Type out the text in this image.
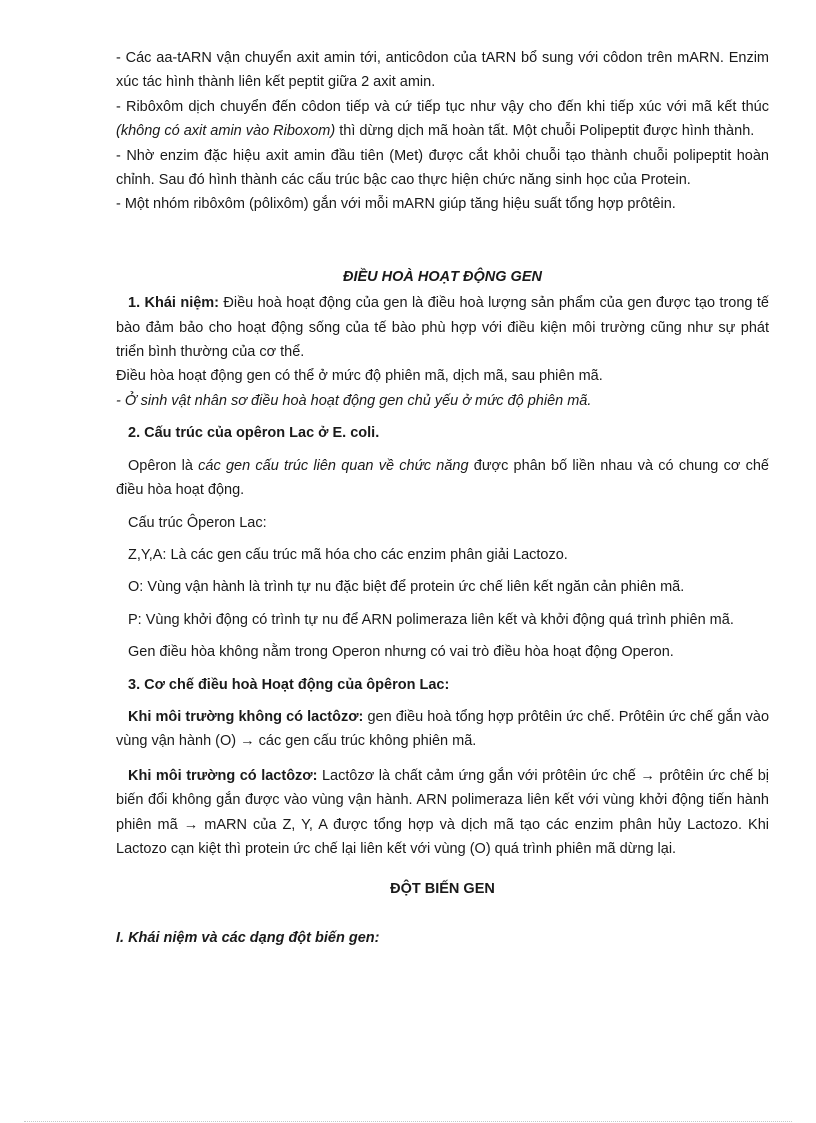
- Các aa-tARN vận chuyển axit amin tới, anticôdon của tARN bổ sung với côdon trên mARN. Enzim xúc tác hình thành liên kết peptit giữa 2 axit amin.

- Ribôxôm dịch chuyển đến côdon tiếp và cứ tiếp tục như vậy cho đến khi tiếp xúc với mã kết thúc (không có axit amin vào Riboxom) thì dừng dịch mã hoàn tất. Một chuỗi Polipeptit được hình thành.

- Nhờ enzim đặc hiệu axit amin đầu tiên (Met) được cắt khỏi chuỗi tạo thành chuỗi polipeptit hoàn chỉnh. Sau đó hình thành các cấu trúc bậc cao thực hiện chức năng sinh học của Protein.

- Một nhóm ribôxôm (pôlixôm) gắn với mỗi mARN giúp tăng hiệu suất tổng hợp prôtêin.

ĐIỀU HOÀ HOẠT ĐỘNG GEN

1. Khái niệm: Điều hoà hoạt động của gen là điều hoà lượng sản phẩm của gen được tạo trong tế bào đảm bảo cho hoạt động sống của tế bào phù hợp với điều kiện môi trường cũng như sự phát triển bình thường của cơ thể.

Điều hòa hoạt động gen có thể ở mức độ phiên mã, dịch mã, sau phiên mã.

- Ở sinh vật nhân sơ điều hoà hoạt động gen chủ yếu ở mức độ phiên mã.

2. Cấu trúc của opêron Lac ở E. coli.

Opêron là các gen cấu trúc liên quan về chức năng được phân bố liền nhau và có chung cơ chế điều hòa hoạt động.

Cấu trúc Ôperon Lac:

Z,Y,A: Là các gen cấu trúc mã hóa cho các enzim phân giải Lactozo.

O: Vùng vận hành là trình tự nu đặc biệt để protein ức chế liên kết ngăn cản phiên mã.

P: Vùng khởi động có trình tự nu để ARN polimeraza liên kết và khởi động quá trình phiên mã.

Gen điều hòa không nằm trong Operon nhưng có vai trò điều hòa hoạt động Operon.

3. Cơ chế điều hoà Hoạt động của ôpêron Lac:

Khi môi trường không có lactôzơ: gen điều hoà tổng hợp prôtêin ức chế. Prôtêin ức chế gắn vào vùng vận hành (O) → các gen cấu trúc không phiên mã.

Khi môi trường có lactôzơ: Lactôzơ là chất cảm ứng gắn với prôtêin ức chế → prôtêin ức chế bị biến đổi không gắn được vào vùng vận hành. ARN polimeraza liên kết với vùng khởi động tiến hành phiên mã → mARN của Z, Y, A được tổng hợp và dịch mã tạo các enzim phân hủy Lactozo. Khi Lactozo cạn kiệt thì protein ức chế lại liên kết với vùng (O) quá trình phiên mã dừng lại.

ĐỘT BIẾN GEN

I. Khái niệm và các dạng đột biến gen:
